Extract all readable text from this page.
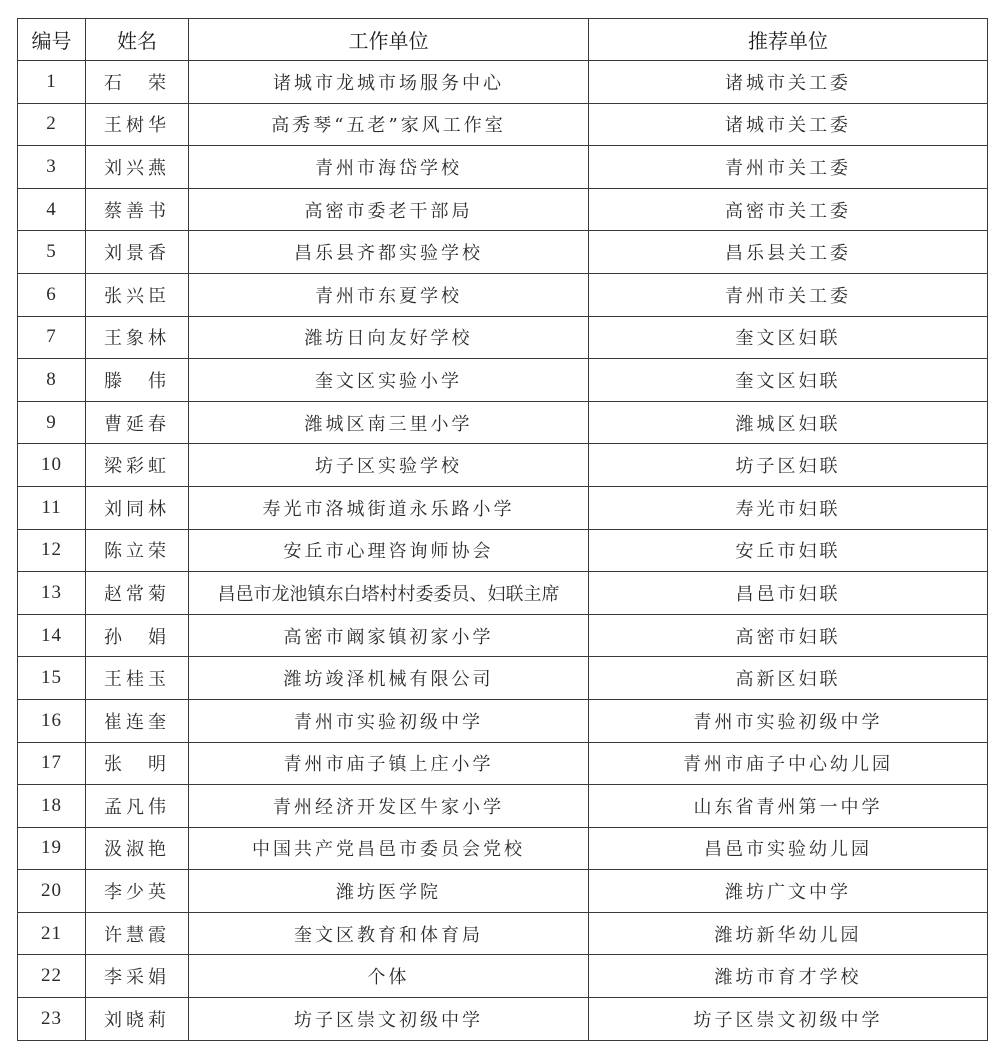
编号	姓名	工作单位	推荐单位
1	石　荣	诸城市龙城市场服务中心	诸城市关工委
2	王树华	高秀琴“五老”家风工作室	诸城市关工委
3	刘兴燕	青州市海岱学校	青州市关工委
4	蔡善书	高密市委老干部局	高密市关工委
5	刘景香	昌乐县齐都实验学校	昌乐县关工委
6	张兴臣	青州市东夏学校	青州市关工委
7	王象林	潍坊日向友好学校	奎文区妇联
8	滕　伟	奎文区实验小学	奎文区妇联
9	曹延春	潍城区南三里小学	潍城区妇联
10	梁彩虹	坊子区实验学校	坊子区妇联
11	刘同林	寿光市洛城街道永乐路小学	寿光市妇联
12	陈立荣	安丘市心理咨询师协会	安丘市妇联
13	赵常菊	昌邑市龙池镇东白塔村村委委员、妇联主席	昌邑市妇联
14	孙　娟	高密市阚家镇初家小学	高密市妇联
15	王桂玉	潍坊竣泽机械有限公司	高新区妇联
16	崔连奎	青州市实验初级中学	青州市实验初级中学
17	张　明	青州市庙子镇上庄小学	青州市庙子中心幼儿园
18	孟凡伟	青州经济开发区牛家小学	山东省青州第一中学
19	汲淑艳	中国共产党昌邑市委员会党校	昌邑市实验幼儿园
20	李少英	潍坊医学院	潍坊广文中学
21	许慧霞	奎文区教育和体育局	潍坊新华幼儿园
22	李采娟	个体	潍坊市育才学校
23	刘晓莉	坊子区崇文初级中学	坊子区崇文初级中学
